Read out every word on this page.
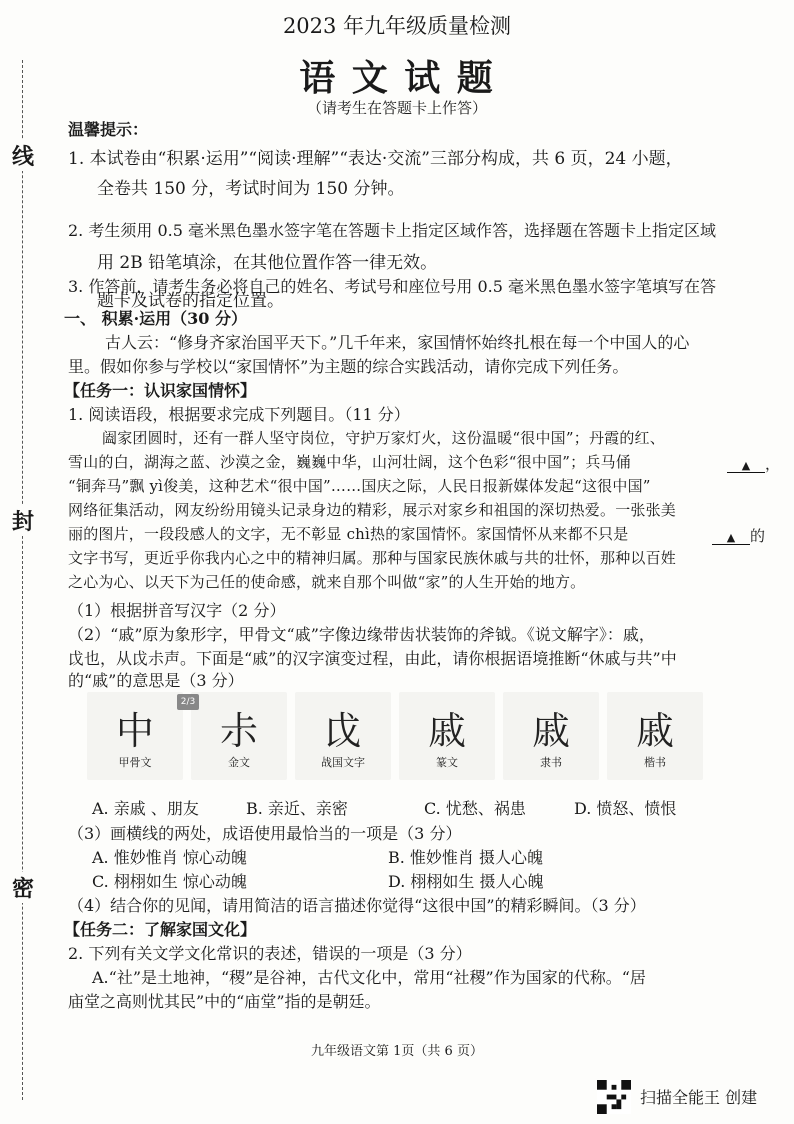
线
封
密
2023 年九年级质量检测
语 文 试 题
（请考生在答题卡上作答）
温馨提示：
1. 本试卷由“积累·运用”“阅读·理解”“表达·交流”三部分构成，共 6 页，24 小题，
全卷共 150 分，考试时间为 150 分钟。
2. 考生须用 0.5 毫米黑色墨水签字笔在答题卡上指定区域作答，选择题在答题卡上指定区域
用 2B 铅笔填涂，在其他位置作答一律无效。
3. 作答前，请考生务必将自己的姓名、考试号和座位号用 0.5 毫米黑色墨水签字笔填写在答
题卡及试卷的指定位置。
一、 积累·运用（30 分）
古人云：“修身齐家治国平天下。”几千年来，家国情怀始终扎根在每一个中国人的心
里。假如你参与学校以“家国情怀”为主题的综合实践活动，请你完成下列任务。
【任务一：认识家国情怀】
1. 阅读语段，根据要求完成下列题目。（11 分）
阖家团圆时，还有一群人坚守岗位，守护万家灯火，这份温暖“很中国”；丹霞的红、
雪山的白，湖海之蓝、沙漠之金，巍巍中华，山河壮阔，这个色彩“很中国”；兵马俑	▲ ，
“铜奔马”飘 yì俊美，这种艺术“很中国”……国庆之际，人民日报新媒体发起“这很中国”
网络征集活动，网友纷纷用镜头记录身边的精彩，展示对家乡和祖国的深切热爱。一张张美
丽的图片，一段段感人的文字，无不彰显 chì热的家国情怀。家国情怀从来都不只是	▲ 的
文字书写，更近乎你我内心之中的精神归属。那种与国家民族休戚与共的壮怀，那种以百姓
之心为心、以天下为己任的使命感，就来自那个叫做“家”的人生开始的地方。
（1）根据拼音写汉字（2 分）
（2）“戚”原为象形字，甲骨文“戚”字像边缘带齿状装饰的斧钺。《说文解字》：戚，
戉也，从戉尗声。下面是“戚”的汉字演变过程，由此，请你根据语境推断“休戚与共”中
的“戚”的意思是（3 分）
中
甲骨文
尗
金文
戉
战国文字
戚
篆文
戚
隶书
戚
楷书
2/3
A. 亲戚 、朋友	B. 亲近、亲密	C. 忧愁、祸患	D. 愤怒、愤恨
（3）画横线的两处，成语使用最恰当的一项是（3 分）
A. 惟妙惟肖 惊心动魄	B. 惟妙惟肖 摄人心魄
C. 栩栩如生 惊心动魄	D. 栩栩如生 摄人心魄
（4）结合你的见闻，请用简洁的语言描述你觉得“这很中国”的精彩瞬间。（3 分）
【任务二：了解家国文化】
2. 下列有关文学文化常识的表述，错误的一项是（3 分）
A.“社”是土地神，“稷”是谷神，古代文化中，常用“社稷”作为国家的代称。“居
庙堂之高则忧其民”中的“庙堂”指的是朝廷。
九年级语文第 1页（共 6 页）
扫描全能王 创建
